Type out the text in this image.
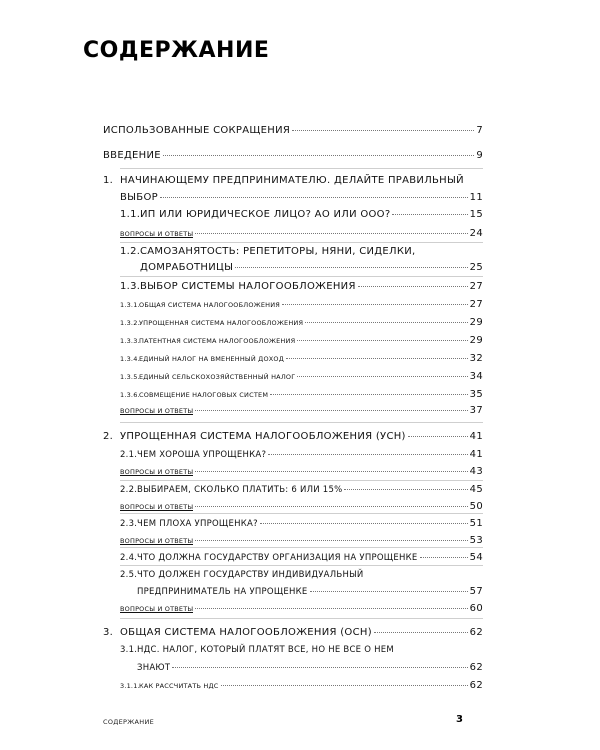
СОДЕРЖАНИЕ
ИСПОЛЬЗОВАННЫЕ СОКРАЩЕНИЯ	7
ВВЕДЕНИЕ	9
1. НАЧИНАЮЩЕМУ ПРЕДПРИНИМАТЕЛЮ. ДЕЛАЙТЕ ПРАВИЛЬНЫЙ
ВЫБОР	11
1.1. ИП ИЛИ ЮРИДИЧЕСКОЕ ЛИЦО? АО ИЛИ ООО?	15
ВОПРОСЫ И ОТВЕТЫ	24
1.2. САМОЗАНЯТОСТЬ: РЕПЕТИТОРЫ, НЯНИ, СИДЕЛКИ,
ДОМРАБОТНИЦЫ	25
1.3. ВЫБОР СИСТЕМЫ НАЛОГООБЛОЖЕНИЯ	27
1.3.1. ОБЩАЯ СИСТЕМА НАЛОГООБЛОЖЕНИЯ	27
1.3.2. УПРОЩЕННАЯ СИСТЕМА НАЛОГООБЛОЖЕНИЯ	29
1.3.3. ПАТЕНТНАЯ СИСТЕМА НАЛОГООБЛОЖЕНИЯ	29
1.3.4. ЕДИНЫЙ НАЛОГ НА ВМЕНЕННЫЙ ДОХОД	32
1.3.5. ЕДИНЫЙ СЕЛЬСКОХОЗЯЙСТВЕННЫЙ НАЛОГ	34
1.3.6. СОВМЕЩЕНИЕ НАЛОГОВЫХ СИСТЕМ	35
ВОПРОСЫ И ОТВЕТЫ	37
2. УПРОЩЕННАЯ СИСТЕМА НАЛОГООБЛОЖЕНИЯ (УСН)	41
2.1. ЧЕМ ХОРОША УПРОЩЕНКА?	41
ВОПРОСЫ И ОТВЕТЫ	43
2.2. ВЫБИРАЕМ, СКОЛЬКО ПЛАТИТЬ: 6 ИЛИ 15%	45
ВОПРОСЫ И ОТВЕТЫ	50
2.3. ЧЕМ ПЛОХА УПРОЩЕНКА?	51
ВОПРОСЫ И ОТВЕТЫ	53
2.4. ЧТО ДОЛЖНА ГОСУДАРСТВУ ОРГАНИЗАЦИЯ НА УПРОЩЕНКЕ	54
2.5. ЧТО ДОЛЖЕН ГОСУДАРСТВУ ИНДИВИДУАЛЬНЫЙ
ПРЕДПРИНИМАТЕЛЬ НА УПРОЩЕНКЕ	57
ВОПРОСЫ И ОТВЕТЫ	60
3. ОБЩАЯ СИСТЕМА НАЛОГООБЛОЖЕНИЯ (ОСН)	62
3.1. НДС. НАЛОГ, КОТОРЫЙ ПЛАТЯТ ВСЕ, НО НЕ ВСЕ О НЕМ
ЗНАЮТ	62
3.1.1. КАК РАССЧИТАТЬ НДС	62
СОДЕРЖАНИЕ	3
